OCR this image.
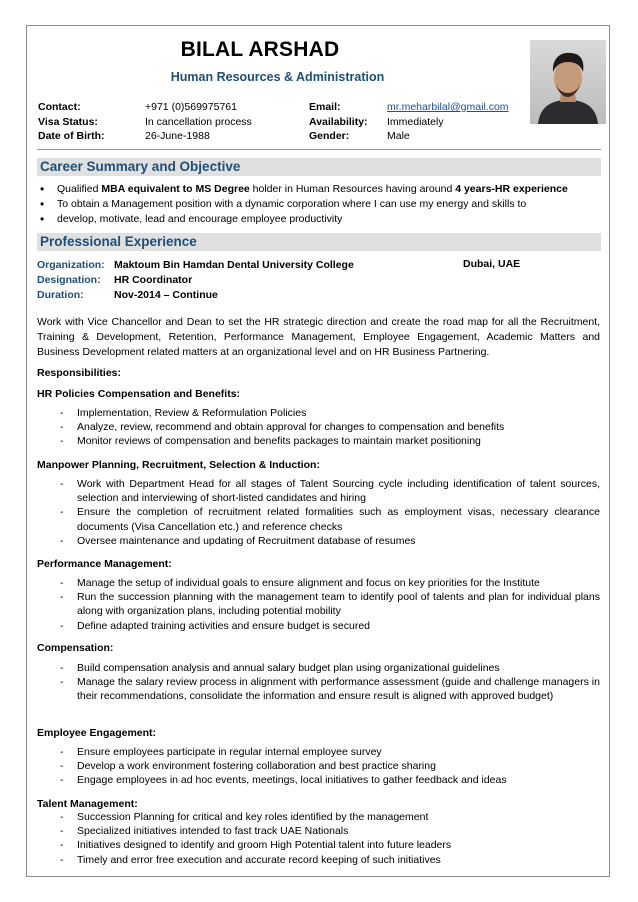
BILAL ARSHAD
Human Resources & Administration
Contact:
Visa Status:
Date of Birth:
+971 (0)569975761
In cancellation process
26-June-1988
Email:
Availability:
Gender:
mr.meharbilal@gmail.com
Immediately
Male
Career Summary and Objective
• Qualified MBA equivalent to MS Degree holder in Human Resources having around 4 years-HR experience
• To obtain a Management position with a dynamic corporation where I can use my energy and skills to
• develop, motivate, lead and encourage employee productivity
Professional Experience
Organization: Maktoum Bin Hamdan Dental University College
Designation: HR Coordinator
Duration:	Nov-2014 – Continue
Dubai, UAE
Work with Vice Chancellor and Dean to set the HR strategic direction and create the road map for all the Recruitment, Training & Development, Retention, Performance Management, Employee Engagement, Academic Matters and Business Development related matters at an organizational level and on HR Business Partnering.
Responsibilities:
HR Policies Compensation and Benefits:
- Implementation, Review & Reformulation Policies
- Analyze, review, recommend and obtain approval for changes to compensation and benefits
- Monitor reviews of compensation and benefits packages to maintain market positioning
Manpower Planning, Recruitment, Selection & Induction:
- Work with Department Head for all stages of Talent Sourcing cycle including identification of talent sources, selection and interviewing of short-listed candidates and hiring
- Ensure the completion of recruitment related formalities such as employment visas, necessary clearance documents (Visa Cancellation etc.) and reference checks
- Oversee maintenance and updating of Recruitment database of resumes
Performance Management:
- Manage the setup of individual goals to ensure alignment and focus on key priorities for the Institute
- Run the succession planning with the management team to identify pool of talents and plan for individual plans along with organization plans, including potential mobility
- Define adapted training activities and ensure budget is secured
Compensation:
- Build compensation analysis and annual salary budget plan using organizational guidelines
- Manage the salary review process in alignment with performance assessment (guide and challenge managers in their recommendations, consolidate the information and ensure result is aligned with approved budget)
Employee Engagement:
- Ensure employees participate in regular internal employee survey
- Develop a work environment fostering collaboration and best practice sharing
- Engage employees in ad hoc events, meetings, local initiatives to gather feedback and ideas
Talent Management:
- Succession Planning for critical and key roles identified by the management
- Specialized initiatives intended to fast track UAE Nationals
- Initiatives designed to identify and groom High Potential talent into future leaders
- Timely and error free execution and accurate record keeping of such initiatives
